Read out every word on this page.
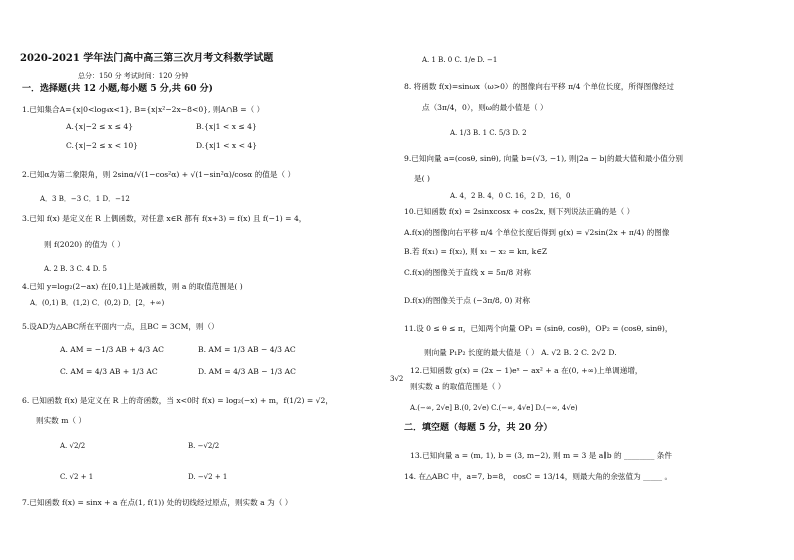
2020-2021 学年法门高中高三第三次月考文科数学试题
总分：150 分 考试时间：120 分钟
一．选择题(共 12 小题,每小题 5 分,共 60 分)
1.已知集合A={x|0<log₄x<1}, B={x|x²−2x−8<0}, 则A∩B =（ ）
A.{x|−2 ≤ x ≤ 4}	B.{x|1 < x ≤ 4}
C.{x|−2 ≤ x < 10}	D.{x|1 < x < 4}
2.已知α为第二象限角，则 2sinα/√(1−cos²α) + √(1−sin²α)/cosα 的值是（ ）
A．3 B．−3 C．1 D．−12
3.已知 f(x) 是定义在 R 上偶函数，对任意 x∈R 都有 f(x+3) = f(x) 且 f(−1) = 4，
则 f(2020) 的值为（ ）
A. 2 B. 3 C. 4 D. 5
4.已知 y=log₂(2−ax) 在[0,1]上是减函数，则 a 的取值范围是( )
A．(0,1) B．(1,2) C．(0,2) D．[2，+∞)
5.设AD为△ABC所在平面内一点，且BC = 3CM，则（）
A. AM = −1/3 AB + 4/3 AC	B. AM = 1/3 AB − 4/3 AC
C. AM = 4/3 AB + 1/3 AC	D. AM = 4/3 AB − 1/3 AC
6. 已知函数 f(x) 是定义在 R 上的奇函数，当 x<0时 f(x) = log₂(−x) + m，f(1/2) = √2，
则实数 m（ ）
A. √2/2	B. −√2/2
C. √2 + 1	D. −√2 + 1
7.已知函数 f(x) = sinx + a 在点(1, f(1)) 处的切线经过原点，则实数 a 为（ ）
A. 1 B. 0 C. 1/e D. −1
8. 将函数 f(x)=sinωx（ω>0）的图像向右平移 π/4 个单位长度，所得图像经过
点（3π/4，0），则ω的最小值是（ ）
A. 1/3 B. 1 C. 5/3 D. 2
9.已知向量 a=(cosθ, sinθ), 向量 b=(√3, −1), 则|2a − b|的最大值和最小值分别
是( )
A. 4，2 B. 4，0 C. 16，2 D．16，0
10.已知函数 f(x) = 2sinxcosx + cos2x, 则下列说法正确的是（ ）
A.f(x)的图像向右平移 π/4 个单位长度后得到 g(x) = √2sin(2x + π/4) 的图像
B.若 f(x₁) = f(x₂), 则 x₁ − x₂ = kπ, k∈Z
C.f(x)的图像关于直线 x = 5π/8 对称
D.f(x)的图像关于点 (−3π/8, 0) 对称
11.设 0 ≤ θ ≤ π，已知两个向量 OP₁ = (sinθ, cosθ)，OP₂ = (cosθ, sinθ)，
则向量 P₁P₂ 长度的最大值是（ ） A. √2 B. 2 C. 2√2 D.
3√2
12.已知函数 g(x) = (2x − 1)eˣ − ax² + a 在(0, +∞)上单调递增，
则实数 a 的取值范围是（ ）
A.(−∞, 2√e] B.(0, 2√e) C.(−∞, 4√e] D.(−∞, 4√e)
二．填空题（每题 5 分，共 20 分）
13.已知向量 a = (m, 1), b = (3, m−2), 则 m = 3 是 a∥b 的 ________ 条件
14. 在△ABC 中，a=7, b=8， cosC = 13/14，则最大角的余弦值为 _____ 。
